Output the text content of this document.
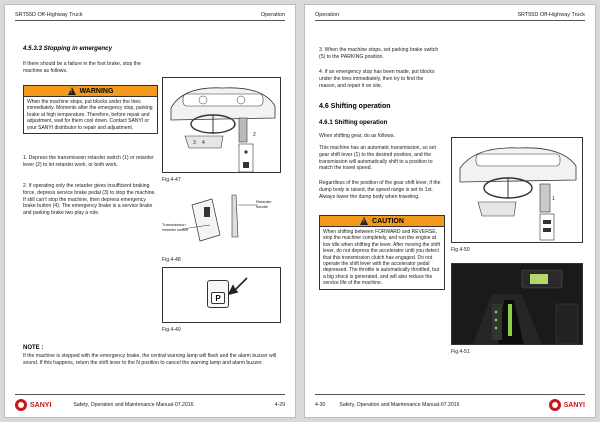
SRT55D Off-Highway Truck	Operation
4.5.3.3 Stopping in emergency
If there should be a failure in the foot brake, stop the machine as follows.
! WARNING
When the machine stops, put blocks under the tires immediately. Moments after the emergency stop, parking brake at high temperature. Therefore, before repair and adjustment, wait for them cool down. Contact SANYI or your SANYI distributor to repair and adjustment.
1. Depress the transmission retarder switch (1) or retarder lever (2) to let retarder work, or both work.
2. If operating only the retarder gives insufficient braking force, depress service brake pedal (3) to stop the machine. If still can’t stop the machine, then depress emergency brake button (4). The emergency brake is a service brake and parking brake two play a role.
3 4
1
2
Fig.4-47
Transmission retarder switch
Retarder handle
Fig.4-48
P
Fig.4-49
NOTE :
If the machine is stopped with the emergency brake, the central warning lamp will flash and the alarm buzzer will sound. If this happens, return the shift lever to the N position to cancel the warning lamp and alarm buzzer.
SANYI	Safety, Operation and Maintenance Manual-07.2016	4-29
Operation	SRT55D Off-Highway Truck
3. When the machine stops, set parking brake switch (5) to the PARKING position.
4. If an emergency stop has been made, put blocks under the tires immediately, then try to find the reason, and repair it on site.
4.6 Shifting operation
4.6.1 Shifting operation
When shifting gear, do as follows.
This machine has an automatic transmission, so set gear shift lever (1) to the desired position, and the transmission will automatically shift to a position to match the travel speed.
Regardless of the position of the gear shift lever, if the dump body is raised, the speed range is set to 1st. Always lower the dump body when traveling.
! CAUTION
When shifting between FORWARD and REVERSE, stop the machine completely, and run the engine at low idle when shifting the lever. After moving the shift lever, do not depress the accelerator until you detect that this transmission clutch has engaged. Do not operate the shift lever with the accelerator pedal depressed. The throttle is automatically throttled, but a big shock is generated, and will also reduce the service life of the machine.
1
Fig.4-50
Fig.4-51
4-30	Safety, Operation and Maintenance Manual-07.2016	SANYI
